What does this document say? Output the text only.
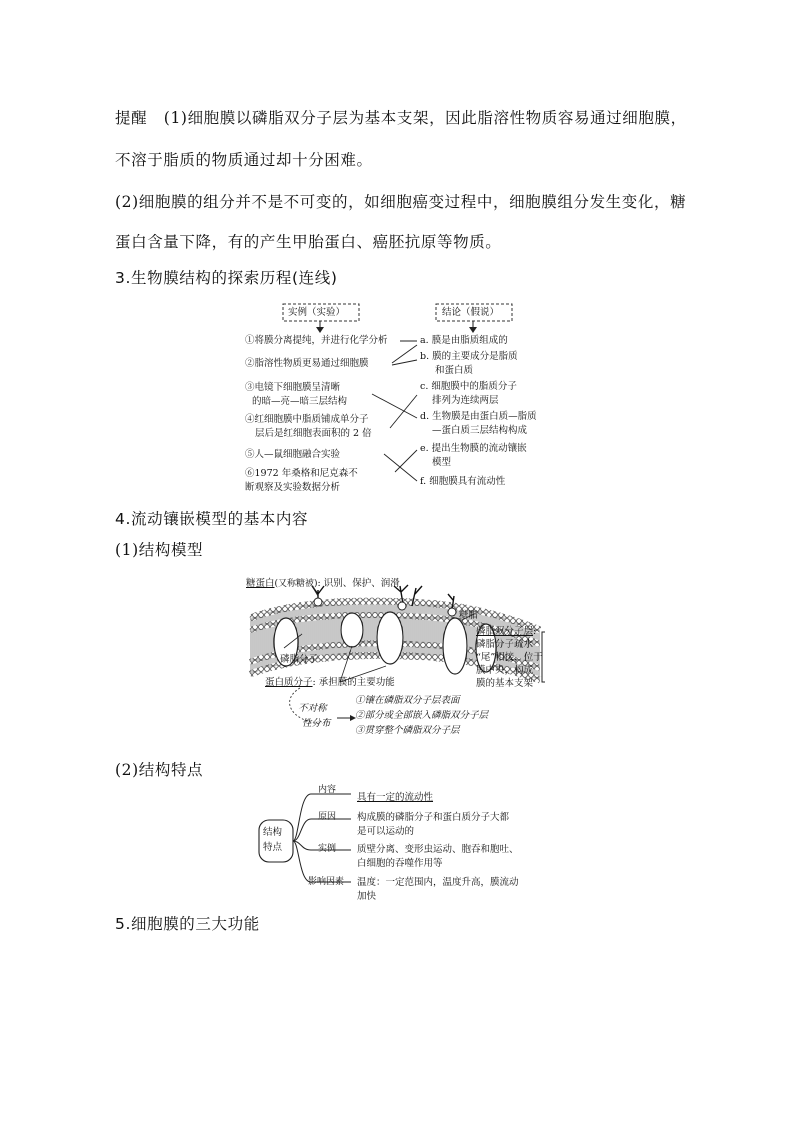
提醒 (1)细胞膜以磷脂双分子层为基本支架，因此脂溶性物质容易通过细胞膜，
不溶于脂质的物质通过却十分困难。
(2)细胞膜的组分并不是不可变的，如细胞癌变过程中，细胞膜组分发生变化，糖
蛋白含量下降，有的产生甲胎蛋白、癌胚抗原等物质。
3.生物膜结构的探索历程(连线)
实例（实验）	结论（假说）
①将膜分离提纯，并进行化学分析
②脂溶性物质更易通过细胞膜
③电镜下细胞膜呈清晰
的暗—亮—暗三层结构
④红细胞膜中脂质铺成单分子
层后是红细胞表面积的 2 倍
⑤人—鼠细胞融合实验
⑥1972 年桑格和尼克森不
断观察及实验数据分析
a. 膜是由脂质组成的
b. 膜的主要成分是脂质
和蛋白质
c. 细胞膜中的脂质分子
排列为连续两层
d. 生物膜是由蛋白质—脂质
—蛋白质三层结构构成
e. 提出生物膜的流动镶嵌
模型
f. 细胞膜具有流动性
4.流动镶嵌模型的基本内容
(1)结构模型
糖蛋白(又称糖被): 识别、保护、润滑
糖脂
磷脂分子
磷脂双分子层:
磷脂分子疏水
“尾”相接，位于
膜中央，构成
膜的基本支架
蛋白质分子: 承担膜的主要功能
不对称
性分布
①镶在磷脂双分子层表面
②部分或全部嵌入磷脂双分子层
③贯穿整个磷脂双分子层
(2)结构特点
结构
特点
内容
具有一定的流动性
原因 构成膜的磷脂分子和蛋白质分子大都
是可以运动的
实例 质壁分离、变形虫运动、胞吞和胞吐、
白细胞的吞噬作用等
影响因素 温度：一定范围内，温度升高，膜流动
加快
5.细胞膜的三大功能
